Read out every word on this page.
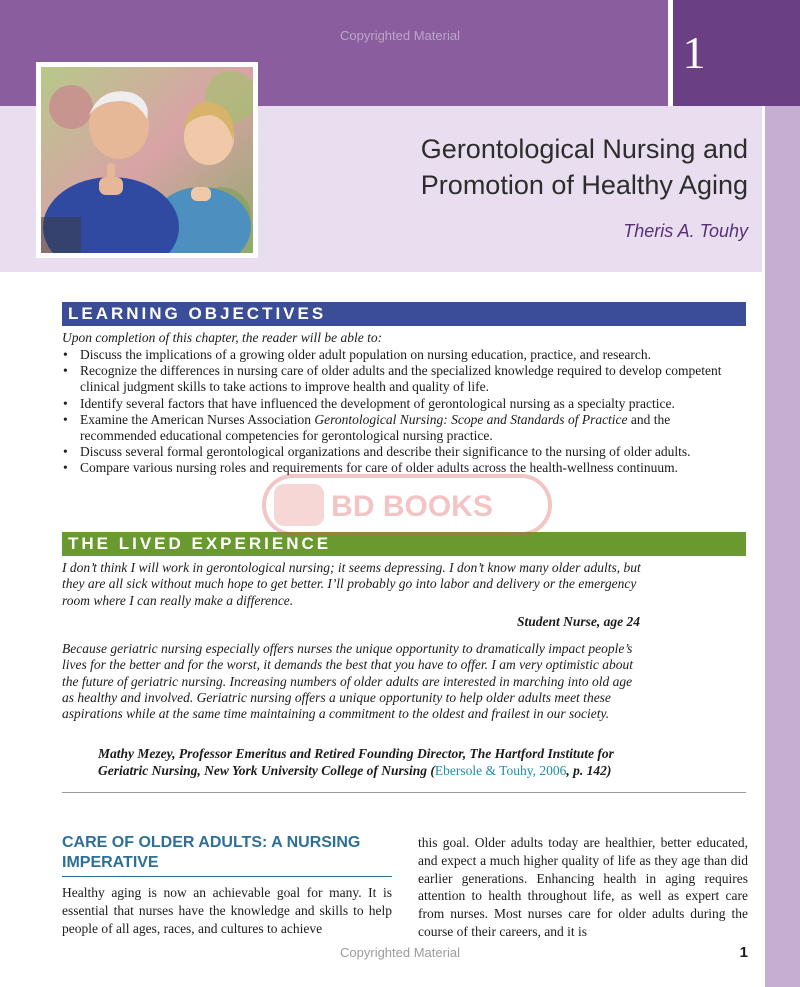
1
Copyrighted Material
Gerontological Nursing and
Promotion of Healthy Aging
Theris A. Touhy
LEARNING OBJECTIVES
Upon completion of this chapter, the reader will be able to:
• Discuss the implications of a growing older adult population on nursing education, practice, and research.
• Recognize the differences in nursing care of older adults and the specialized knowledge required to develop competent clinical judgment skills to take actions to improve health and quality of life.
• Identify several factors that have influenced the development of gerontological nursing as a specialty practice.
• Examine the American Nurses Association Gerontological Nursing: Scope and Standards of Practice and the recommended educational competencies for gerontological nursing practice.
• Discuss several formal gerontological organizations and describe their significance to the nursing of older adults.
• Compare various nursing roles and requirements for care of older adults across the health-wellness continuum.
THE LIVED EXPERIENCE
I don’t think I will work in gerontological nursing; it seems depressing. I don’t know many older adults, but they are all sick without much hope to get better. I’ll probably go into labor and delivery or the emergency room where I can really make a difference.
Student Nurse, age 24
Because geriatric nursing especially offers nurses the unique opportunity to dramatically impact people’s lives for the better and for the worst, it demands the best that you have to offer. I am very optimistic about the future of geriatric nursing. Increasing numbers of older adults are interested in marching into old age as healthy and involved. Geriatric nursing offers a unique opportunity to help older adults meet these aspirations while at the same time maintaining a commitment to the oldest and frailest in our society.
Mathy Mezey, Professor Emeritus and Retired Founding Director, The Hartford Institute for Geriatric Nursing, New York University College of Nursing (Ebersole & Touhy, 2006, p. 142)
CARE OF OLDER ADULTS: A NURSING
IMPERATIVE
Healthy aging is now an achievable goal for many. It is essential that nurses have the knowledge and skills to help people of all ages, races, and cultures to achieve
this goal. Older adults today are healthier, better educated, and expect a much higher quality of life as they age than did earlier generations. Enhancing health in aging requires attention to health throughout life, as well as expert care from nurses. Most nurses care for older adults during the course of their careers, and it is
Copyrighted Material	1
BD BOOKS
